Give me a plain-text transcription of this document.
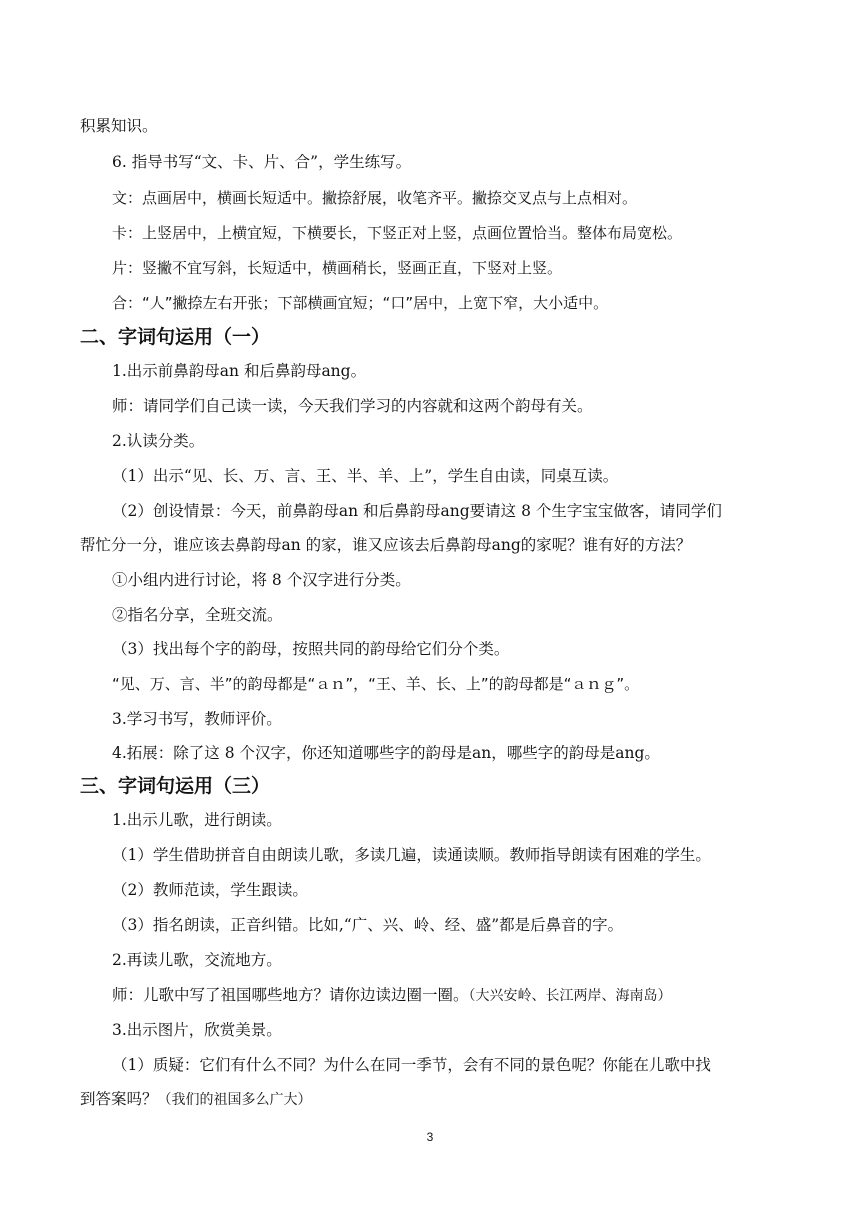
积累知识。
6. 指导书写“文、卡、片、合”，学生练写。
文：点画居中，横画长短适中。撇捺舒展，收笔齐平。撇捺交叉点与上点相对。
卡：上竖居中，上横宜短，下横要长，下竖正对上竖，点画位置恰当。整体布局宽松。
片：竖撇不宜写斜，长短适中，横画稍长，竖画正直，下竖对上竖。
合：“人”撇捺左右开张；下部横画宜短；“口”居中，上宽下窄，大小适中。
二、字词句运用（一）
1.出示前鼻韵母an 和后鼻韵母ang。
师：请同学们自己读一读，今天我们学习的内容就和这两个韵母有关。
2.认读分类。
（1）出示“见、长、万、言、王、半、羊、上”，学生自由读，同桌互读。
（2）创设情景：今天，前鼻韵母an 和后鼻韵母ang要请这 8 个生字宝宝做客，请同学们
帮忙分一分，谁应该去鼻韵母an 的家，谁又应该去后鼻韵母ang的家呢？谁有好的方法？
①小组内进行讨论，将 8 个汉字进行分类。
②指名分享，全班交流。
（3）找出每个字的韵母，按照共同的韵母给它们分个类。
“见、万、言、半”的韵母都是“ａｎ”，“王、羊、长、上”的韵母都是“ａｎｇ”。
3.学习书写，教师评价。
4.拓展：除了这 8 个汉字，你还知道哪些字的韵母是an，哪些字的韵母是ang。
三、字词句运用（三）
1.出示儿歌，进行朗读。
（1）学生借助拼音自由朗读儿歌，多读几遍，读通读顺。教师指导朗读有困难的学生。
（2）教师范读，学生跟读。
（3）指名朗读，正音纠错。比如,“广、兴、岭、经、盛”都是后鼻音的字。
2.再读儿歌，交流地方。
师：儿歌中写了祖国哪些地方？请你边读边圈一圈。（大兴安岭、长江两岸、海南岛）
3.出示图片，欣赏美景。
（1）质疑：它们有什么不同？为什么在同一季节，会有不同的景色呢？你能在儿歌中找
到答案吗？（我们的祖国多么广大）
3
